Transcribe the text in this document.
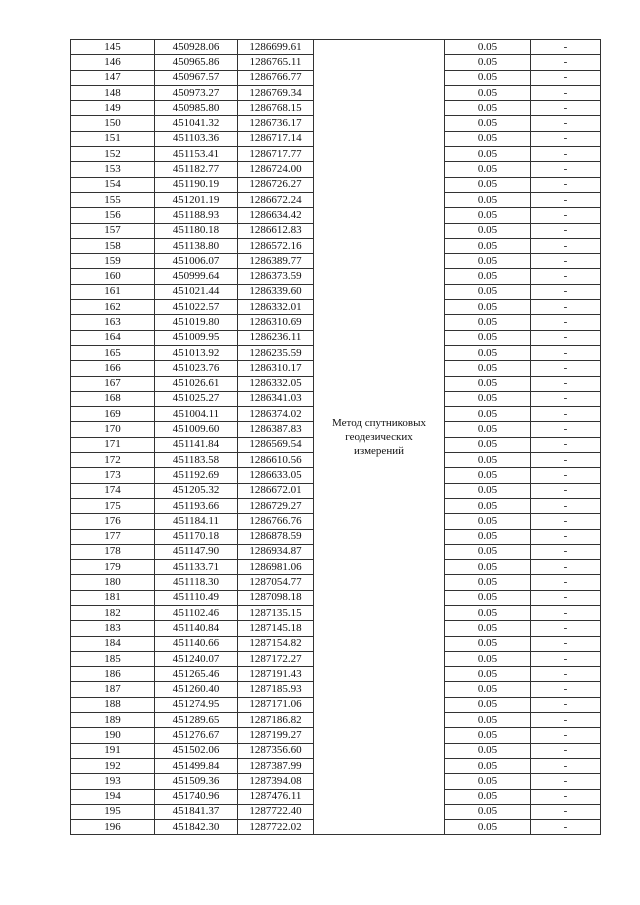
145	450928.06	1286699.61	Метод спутниковых геодезических измерений	0.05	-
146	450965.86	1286765.11		0.05	-
147	450967.57	1286766.77		0.05	-
148	450973.27	1286769.34		0.05	-
149	450985.80	1286768.15		0.05	-
150	451041.32	1286736.17		0.05	-
151	451103.36	1286717.14		0.05	-
152	451153.41	1286717.77		0.05	-
153	451182.77	1286724.00		0.05	-
154	451190.19	1286726.27		0.05	-
155	451201.19	1286672.24		0.05	-
156	451188.93	1286634.42		0.05	-
157	451180.18	1286612.83		0.05	-
158	451138.80	1286572.16		0.05	-
159	451006.07	1286389.77		0.05	-
160	450999.64	1286373.59		0.05	-
161	451021.44	1286339.60		0.05	-
162	451022.57	1286332.01		0.05	-
163	451019.80	1286310.69		0.05	-
164	451009.95	1286236.11		0.05	-
165	451013.92	1286235.59		0.05	-
166	451023.76	1286310.17		0.05	-
167	451026.61	1286332.05		0.05	-
168	451025.27	1286341.03		0.05	-
169	451004.11	1286374.02		0.05	-
170	451009.60	1286387.83		0.05	-
171	451141.84	1286569.54		0.05	-
172	451183.58	1286610.56		0.05	-
173	451192.69	1286633.05		0.05	-
174	451205.32	1286672.01		0.05	-
175	451193.66	1286729.27		0.05	-
176	451184.11	1286766.76		0.05	-
177	451170.18	1286878.59		0.05	-
178	451147.90	1286934.87		0.05	-
179	451133.71	1286981.06		0.05	-
180	451118.30	1287054.77		0.05	-
181	451110.49	1287098.18		0.05	-
182	451102.46	1287135.15		0.05	-
183	451140.84	1287145.18		0.05	-
184	451140.66	1287154.82		0.05	-
185	451240.07	1287172.27		0.05	-
186	451265.46	1287191.43		0.05	-
187	451260.40	1287185.93		0.05	-
188	451274.95	1287171.06		0.05	-
189	451289.65	1287186.82		0.05	-
190	451276.67	1287199.27		0.05	-
191	451502.06	1287356.60		0.05	-
192	451499.84	1287387.99		0.05	-
193	451509.36	1287394.08		0.05	-
194	451740.96	1287476.11		0.05	-
195	451841.37	1287722.40		0.05	-
196	451842.30	1287722.02		0.05	-
